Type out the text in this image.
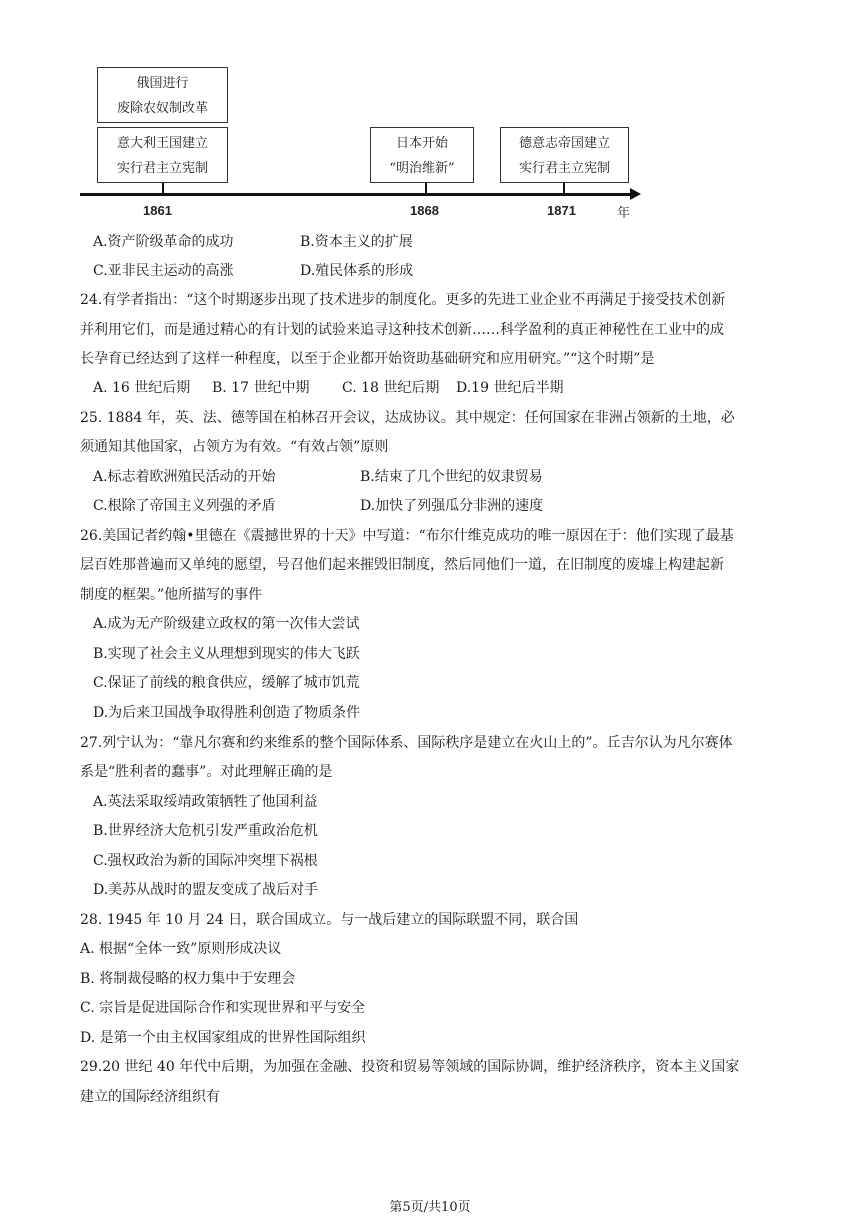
俄国进行
废除农奴制改革
意大利王国建立
实行君主立宪制
日本开始
“明治维新”
德意志帝国建立
实行君主立宪制
1861	1868	1871	年
A.资产阶级革命的成功	B.资本主义的扩展
C.亚非民主运动的高涨	D.殖民体系的形成
24.有学者指出：“这个时期逐步出现了技术进步的制度化。更多的先进工业企业不再满足于接受技术创新
并利用它们，而是通过精心的有计划的试验来追寻这种技术创新……科学盈利的真正神秘性在工业中的成
长孕育已经达到了这样一种程度，以至于企业都开始资助基础研究和应用研究。”“这个时期”是
A. 16 世纪后期 B. 17 世纪中期 C. 18 世纪后期 D.19 世纪后半期
25. 1884 年，英、法、德等国在柏林召开会议，达成协议。其中规定：任何国家在非洲占领新的土地，必
须通知其他国家，占领方为有效。“有效占领”原则
A.标志着欧洲殖民活动的开始	B.结束了几个世纪的奴隶贸易
C.根除了帝国主义列强的矛盾	D.加快了列强瓜分非洲的速度
26.美国记者约翰•里德在《震撼世界的十天》中写道：“布尔什维克成功的唯一原因在于：他们实现了最基
层百姓那普遍而又单纯的愿望，号召他们起来摧毁旧制度，然后同他们一道，在旧制度的废墟上构建起新
制度的框架。”他所描写的事件
A.成为无产阶级建立政权的第一次伟大尝试
B.实现了社会主义从理想到现实的伟大飞跃
C.保证了前线的粮食供应，缓解了城市饥荒
D.为后来卫国战争取得胜利创造了物质条件
27.列宁认为：“靠凡尔赛和约来维系的整个国际体系、国际秩序是建立在火山上的”。丘吉尔认为凡尔赛体
系是“胜利者的蠢事”。对此理解正确的是
A.英法采取绥靖政策牺牲了他国利益
B.世界经济大危机引发严重政治危机
C.强权政治为新的国际冲突埋下祸根
D.美苏从战时的盟友变成了战后对手
28. 1945 年 10 月 24 日，联合国成立。与一战后建立的国际联盟不同，联合国
A. 根据“全体一致”原则形成决议
B. 将制裁侵略的权力集中于安理会
C. 宗旨是促进国际合作和实现世界和平与安全
D. 是第一个由主权国家组成的世界性国际组织
29.20 世纪 40 年代中后期，为加强在金融、投资和贸易等领域的国际协调，维护经济秩序，资本主义国家
建立的国际经济组织有
第5页/共10页
